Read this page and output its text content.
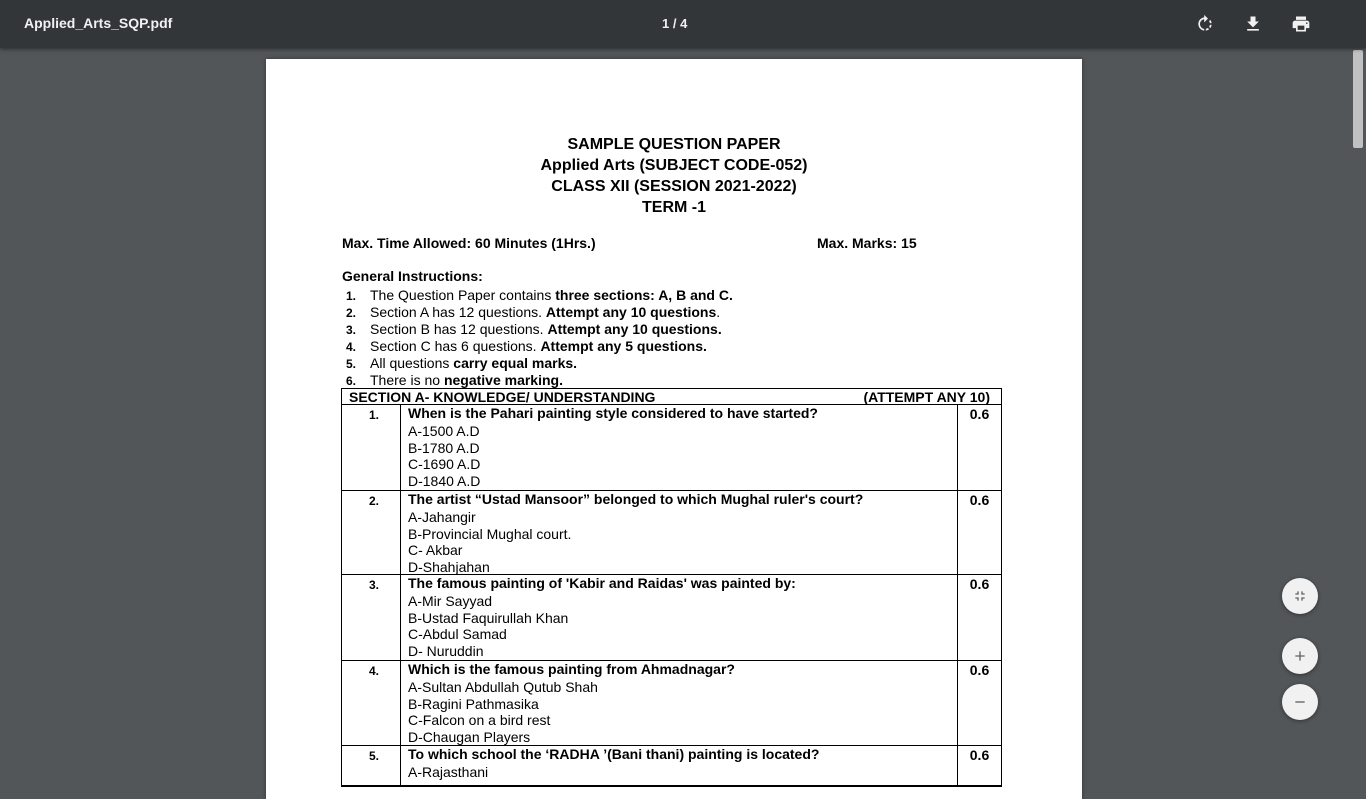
Applied_Arts_SQP.pdf	1 / 4
SAMPLE QUESTION PAPER
Applied Arts (SUBJECT CODE-052)
CLASS XII (SESSION 2021-2022)
TERM -1
Max. Time Allowed: 60 Minutes (1Hrs.)	Max. Marks: 15
General Instructions:
1. The Question Paper contains three sections: A, B and C.
2. Section A has 12 questions. Attempt any 10 questions.
3. Section B has 12 questions. Attempt any 10 questions.
4. Section C has 6 questions. Attempt any 5 questions.
5. All questions carry equal marks.
6. There is no negative marking.
SECTION A- KNOWLEDGE/ UNDERSTANDING	(ATTEMPT ANY 10)
1.	When is the Pahari painting style considered to have started?
A-1500 A.D
B-1780 A.D
C-1690 A.D
D-1840 A.D
0.6
2.	The artist “Ustad Mansoor” belonged to which Mughal ruler's court?
A-Jahangir
B-Provincial Mughal court.
C- Akbar
D-Shahjahan
0.6
3.	The famous painting of 'Kabir and Raidas' was painted by:
A-Mir Sayyad
B-Ustad Faquirullah Khan
C-Abdul Samad
D- Nuruddin
0.6
4.	Which is the famous painting from Ahmadnagar?
A-Sultan Abdullah Qutub Shah
B-Ragini Pathmasika
C-Falcon on a bird rest
D-Chaugan Players
0.6
5.	To which school the ‘RADHA ’(Bani thani) painting is located?
A-Rajasthani
0.6
